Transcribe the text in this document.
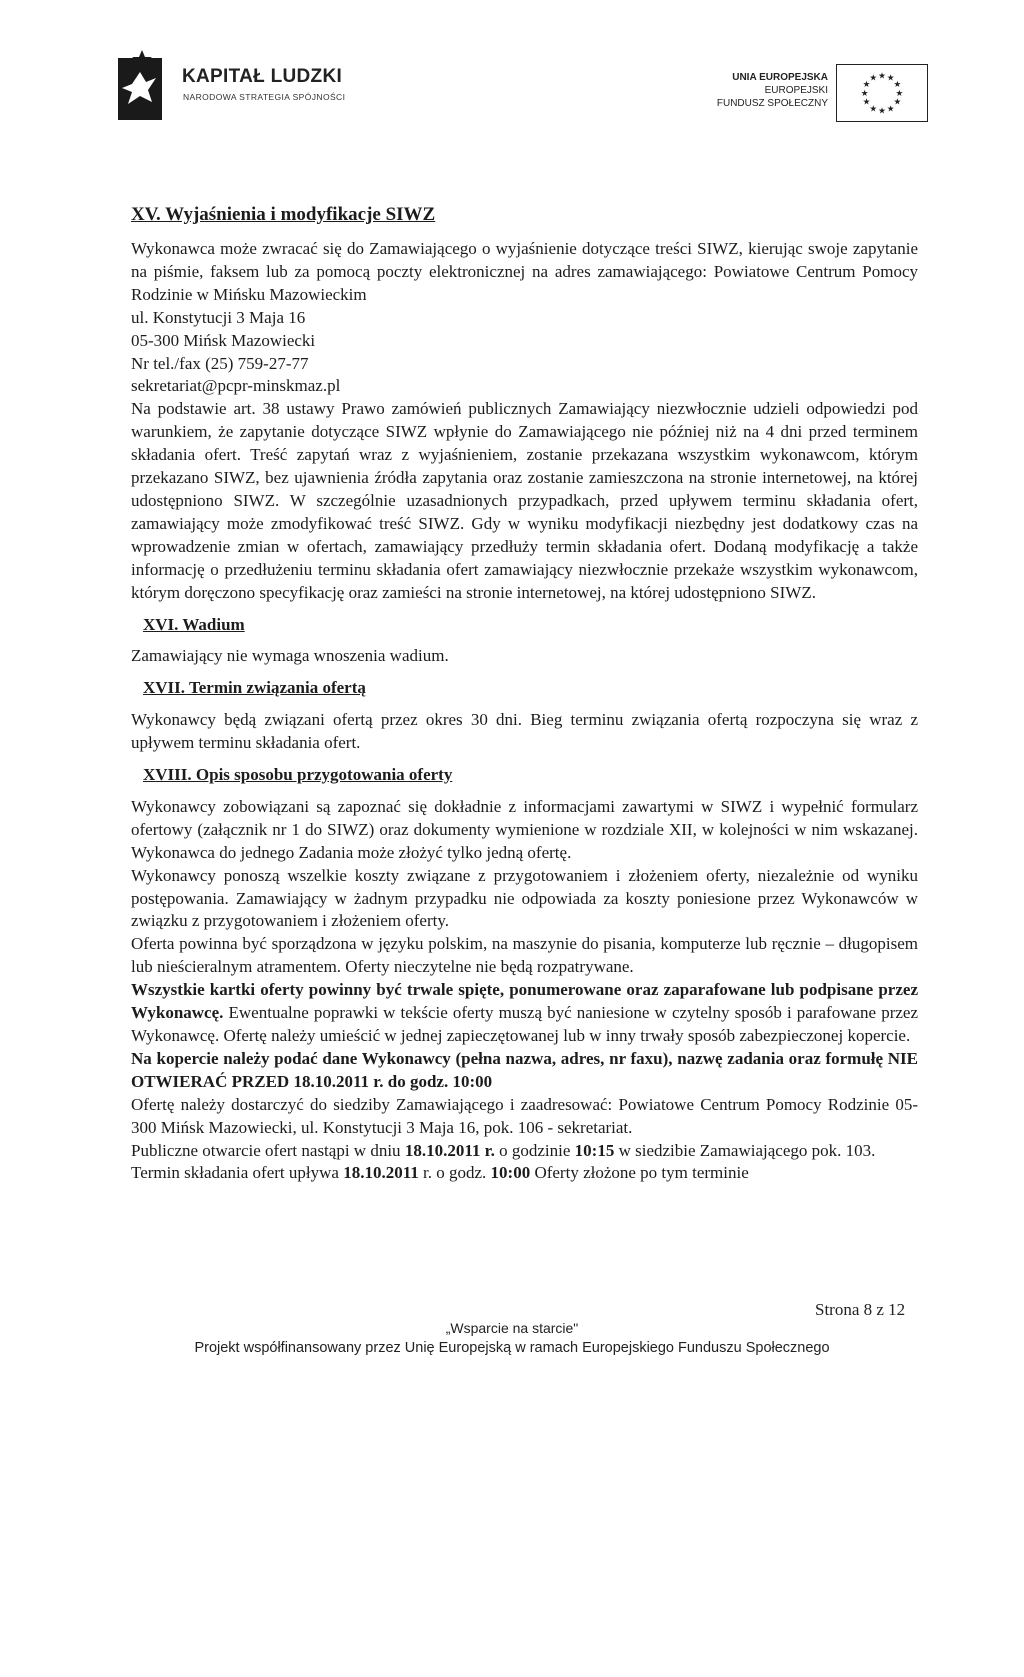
KAPITAŁ LUDZKI
NARODOWA STRATEGIA SPÓJNOŚCI
UNIA EUROPEJSKA
EUROPEJSKI
FUNDUSZ SPOŁECZNY
★ ★
★
★
★
★
★
★
★
★
★ ★
XV. Wyjaśnienia i modyfikacje SIWZ

Wykonawca może zwracać się do Zamawiającego o wyjaśnienie dotyczące treści SIWZ, kierując swoje zapytanie na piśmie, faksem lub za pomocą poczty elektronicznej na adres zamawiającego: Powiatowe Centrum Pomocy Rodzinie w Mińsku Mazowieckim

ul. Konstytucji 3 Maja 16

05-300 Mińsk Mazowiecki

Nr tel./fax (25) 759-27-77

sekretariat@pcpr-minskmaz.pl

Na podstawie art. 38 ustawy Prawo zamówień publicznych Zamawiający niezwłocznie udzieli odpowiedzi pod warunkiem, że zapytanie dotyczące SIWZ wpłynie do Zamawiającego nie później niż na 4 dni przed terminem składania ofert. Treść zapytań wraz z wyjaśnieniem, zostanie przekazana wszystkim wykonawcom, którym przekazano SIWZ, bez ujawnienia źródła zapytania oraz zostanie zamieszczona na stronie internetowej, na której udostępniono SIWZ. W szczególnie uzasadnionych przypadkach, przed upływem terminu składania ofert, zamawiający może zmodyfikować treść SIWZ. Gdy w wyniku modyfikacji niezbędny jest dodatkowy czas na wprowadzenie zmian w ofertach, zamawiający przedłuży termin składania ofert. Dodaną modyfikację a także informację o przedłużeniu terminu składania ofert zamawiający niezwłocznie przekaże wszystkim wykonawcom, którym doręczono specyfikację oraz zamieści na stronie internetowej, na której udostępniono SIWZ.

XVI. Wadium

Zamawiający nie wymaga wnoszenia wadium.

XVII. Termin związania ofertą

Wykonawcy będą związani ofertą przez okres 30 dni. Bieg terminu związania ofertą rozpoczyna się wraz z upływem terminu składania ofert.

XVIII. Opis sposobu przygotowania oferty

Wykonawcy zobowiązani są zapoznać się dokładnie z informacjami zawartymi w SIWZ i wypełnić formularz ofertowy (załącznik nr 1 do SIWZ) oraz dokumenty wymienione w rozdziale XII, w kolejności w nim wskazanej. Wykonawca do jednego Zadania może złożyć tylko jedną ofertę.

Wykonawcy ponoszą wszelkie koszty związane z przygotowaniem i złożeniem oferty, niezależnie od wyniku postępowania. Zamawiający w żadnym przypadku nie odpowiada za koszty poniesione przez Wykonawców w związku z przygotowaniem i złożeniem oferty.

Oferta powinna być sporządzona w języku polskim, na maszynie do pisania, komputerze lub ręcznie – długopisem lub nieścieralnym atramentem. Oferty nieczytelne nie będą rozpatrywane.

Wszystkie kartki oferty powinny być trwale spięte, ponumerowane oraz zaparafowane lub podpisane przez Wykonawcę. Ewentualne poprawki w tekście oferty muszą być naniesione w czytelny sposób i parafowane przez Wykonawcę. Ofertę należy umieścić w jednej zapieczętowanej lub w inny trwały sposób zabezpieczonej kopercie.

Na kopercie należy podać dane Wykonawcy (pełna nazwa, adres, nr faxu), nazwę zadania oraz formułę NIE OTWIERAĆ PRZED 18.10.2011 r. do godz. 10:00

Ofertę należy dostarczyć do siedziby Zamawiającego i zaadresować: Powiatowe Centrum Pomocy Rodzinie 05-300 Mińsk Mazowiecki, ul. Konstytucji 3 Maja 16, pok. 106 - sekretariat.

Publiczne otwarcie ofert nastąpi w dniu 18.10.2011 r. o godzinie 10:15 w siedzibie Zamawiającego pok. 103.

Termin składania ofert upływa 18.10.2011 r. o godz. 10:00 Oferty złożone po tym terminie

Strona 8 z 12
„Wsparcie na starcie"
Projekt współfinansowany przez Unię Europejską w ramach Europejskiego Funduszu Społecznego
